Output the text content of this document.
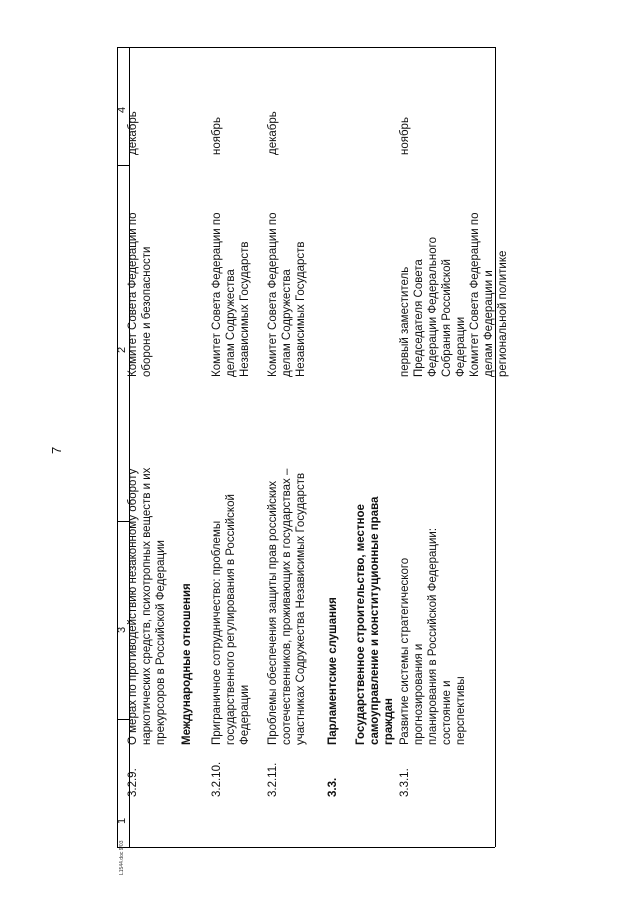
7
1
2
3
4
3.2.9.
О мерах по противодействию незаконному обороту
наркотических средств, психотропных веществ и их
прекурсоров в Российской Федерации
Комитет Совета Федерации по
обороне и безопасности
декабрь
Международные отношения
3.2.10.
Приграничное сотрудничество: проблемы
государственного регулирования в Российской
Федерации
Комитет Совета Федерации по
делам Содружества
Независимых Государств
ноябрь
3.2.11.
Проблемы обеспечения защиты прав российских
соотечественников, проживающих в государствах –
участниках Содружества Независимых Государств
Комитет Совета Федерации по
делам Содружества
Независимых Государств
декабрь
3.3.
Парламентские слушания Государственное строительство, местное
самоуправление и конституционные права граждан
3.3.1.
Развитие системы стратегического прогнозирования и
планирования в Российской Федерации: состояние и
перспективы
первый заместитель
Председателя Совета
Федерации Федерального
Собрания Российской
Федерации
Комитет Совета Федерации по
делам Федерации и
региональной политике
ноябрь
L1544.doc 9/03
